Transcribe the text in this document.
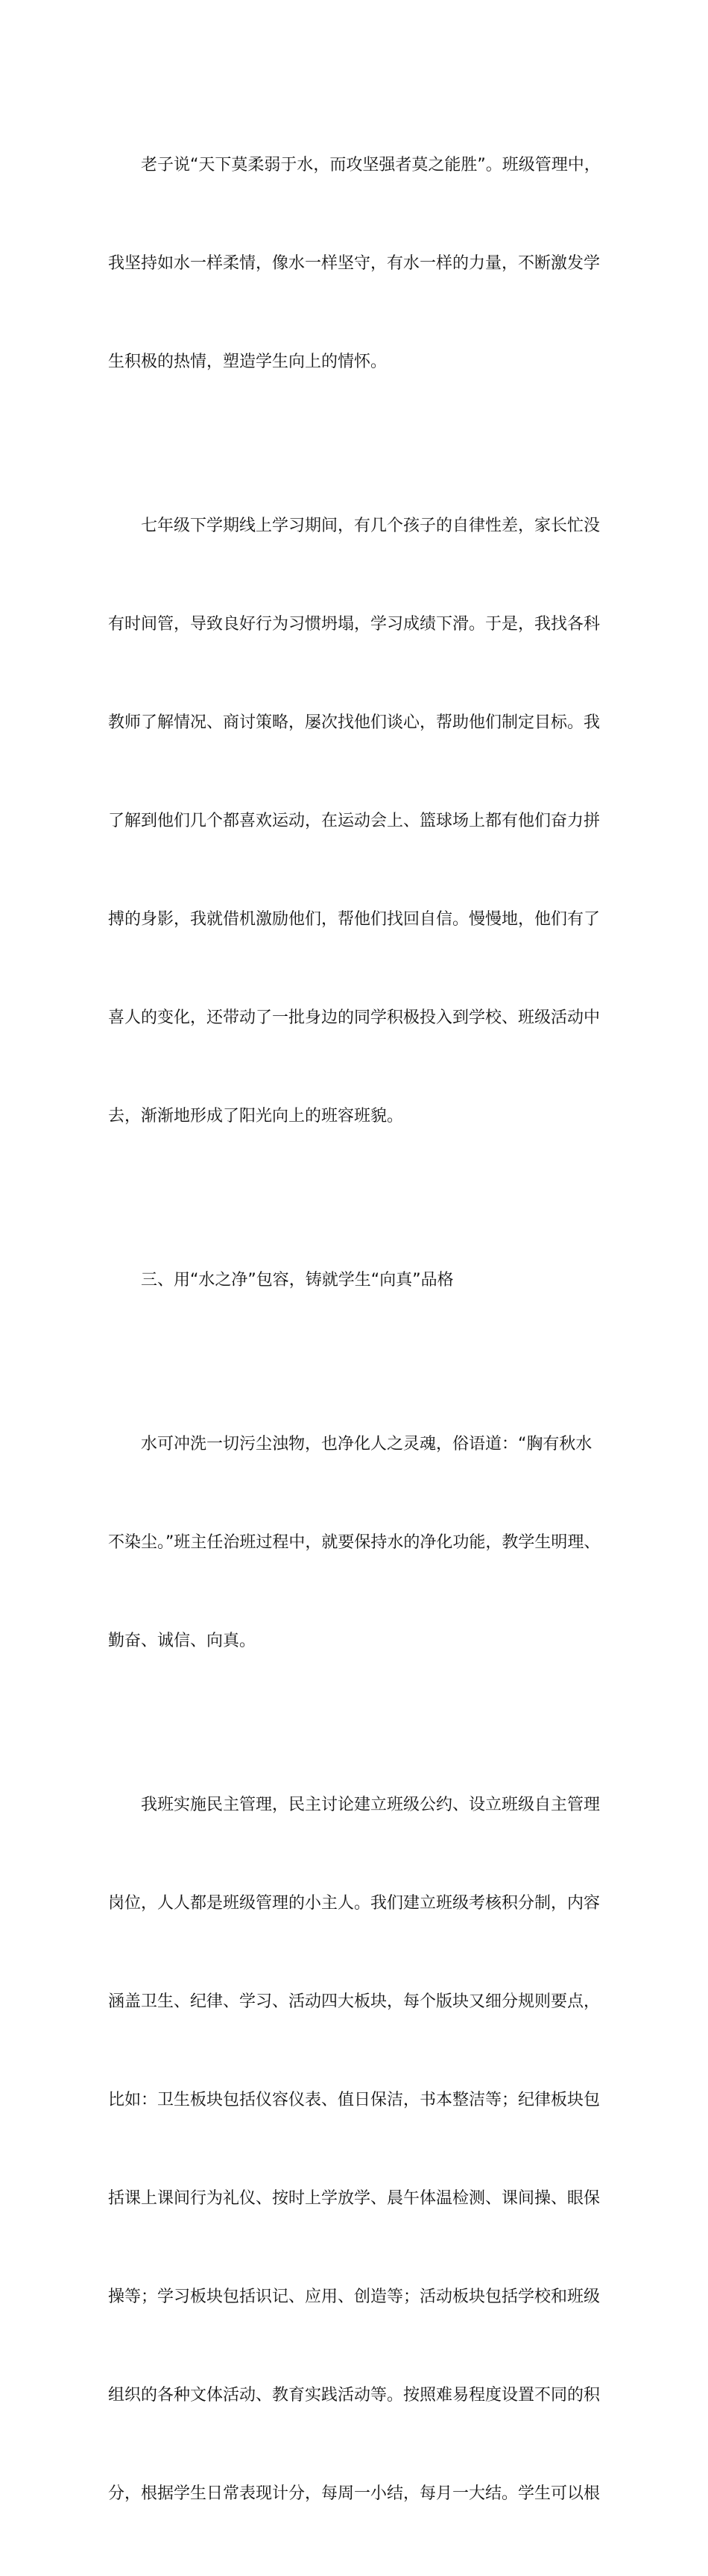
　　老子说“天下莫柔弱于水，而攻坚强者莫之能胜”。班级管理中，

我坚持如水一样柔情，像水一样坚守，有水一样的力量，不断激发学

生积极的热情，塑造学生向上的情怀。

　　七年级下学期线上学习期间，有几个孩子的自律性差，家长忙没

有时间管，导致良好行为习惯坍塌，学习成绩下滑。于是，我找各科

教师了解情况、商讨策略，屡次找他们谈心，帮助他们制定目标。我

了解到他们几个都喜欢运动，在运动会上、篮球场上都有他们奋力拼

搏的身影，我就借机激励他们，帮他们找回自信。慢慢地，他们有了

喜人的变化，还带动了一批身边的同学积极投入到学校、班级活动中

去，渐渐地形成了阳光向上的班容班貌。

　　三、用“水之净”包容，铸就学生“向真”品格

　　水可冲洗一切污尘浊物，也净化人之灵魂，俗语道：“胸有秋水

不染尘。”班主任治班过程中，就要保持水的净化功能，教学生明理、

勤奋、诚信、向真。

　　我班实施民主管理，民主讨论建立班级公约、设立班级自主管理

岗位，人人都是班级管理的小主人。我们建立班级考核积分制，内容

涵盖卫生、纪律、学习、活动四大板块，每个版块又细分规则要点，

比如：卫生板块包括仪容仪表、值日保洁，书本整洁等；纪律板块包

括课上课间行为礼仪、按时上学放学、晨午体温检测、课间操、眼保

操等；学习板块包括识记、应用、创造等；活动板块包括学校和班级

组织的各种文体活动、教育实践活动等。按照难易程度设置不同的积

分，根据学生日常表现计分，每周一小结，每月一大结。学生可以根
